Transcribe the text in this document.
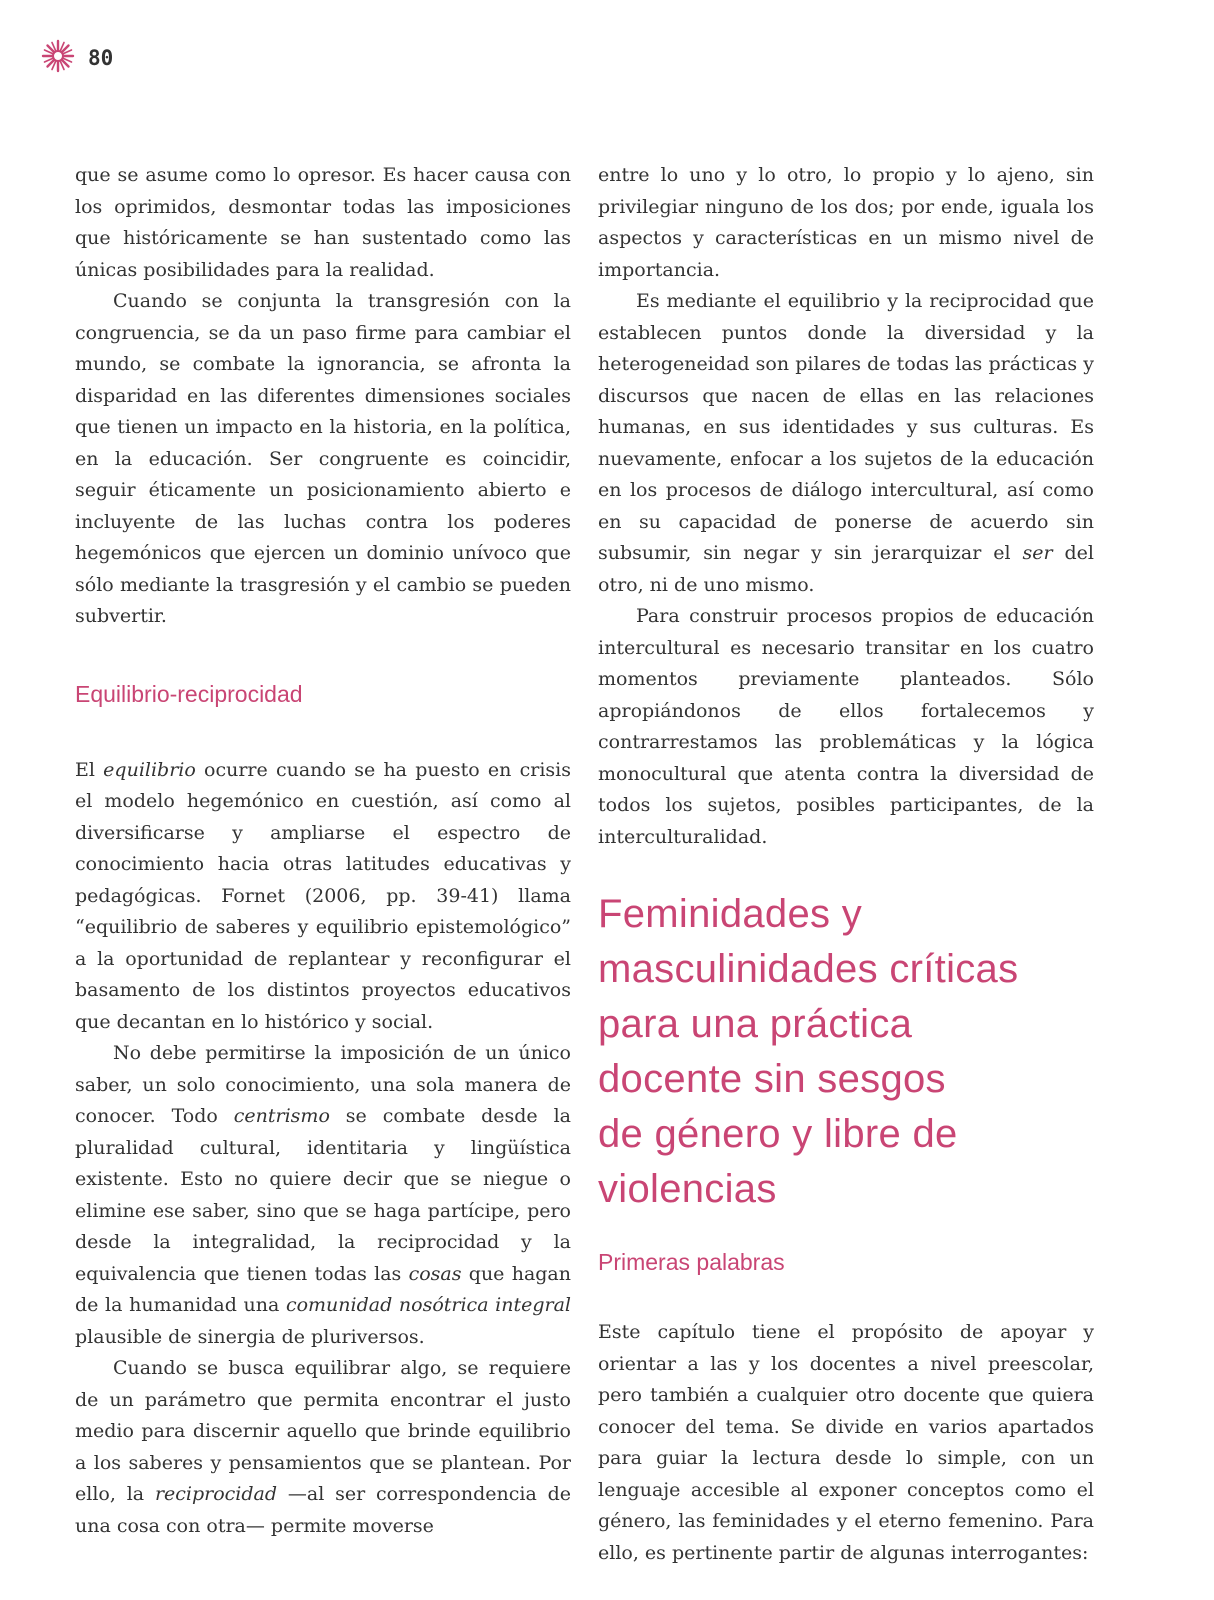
80

que se asume como lo opresor. Es hacer causa con los oprimidos, desmontar todas las imposiciones que históricamente se han sustentado como las únicas posibilidades para la realidad.

Cuando se conjunta la transgresión con la congruencia, se da un paso firme para cambiar el mundo, se combate la ignorancia, se afronta la disparidad en las diferentes dimensiones sociales que tienen un impacto en la historia, en la política, en la educación. Ser congruente es coincidir, seguir éticamente un posicionamiento abierto e incluyente de las luchas contra los poderes hegemónicos que ejercen un dominio unívoco que sólo mediante la trasgresión y el cambio se pueden subvertir.

Equilibrio-reciprocidad

El equilibrio ocurre cuando se ha puesto en crisis el modelo hegemónico en cuestión, así como al diversificarse y ampliarse el espectro de conocimiento hacia otras latitudes educativas y pedagógicas. Fornet (2006, pp. 39-41) llama “equilibrio de saberes y equilibrio epistemológico” a la oportunidad de replantear y reconfigurar el basamento de los distintos proyectos educativos que decantan en lo histórico y social.

No debe permitirse la imposición de un único saber, un solo conocimiento, una sola manera de conocer. Todo centrismo se combate desde la pluralidad cultural, identitaria y lingüística existente. Esto no quiere decir que se niegue o elimine ese saber, sino que se haga partícipe, pero desde la integralidad, la reciprocidad y la equivalencia que tienen todas las cosas que hagan de la humanidad una comunidad nosótrica integral plausible de sinergia de pluriversos.

Cuando se busca equilibrar algo, se requiere de un parámetro que permita encontrar el justo medio para discernir aquello que brinde equilibrio a los saberes y pensamientos que se plantean. Por ello, la reciprocidad —al ser correspondencia de una cosa con otra— permite moverse

entre lo uno y lo otro, lo propio y lo ajeno, sin privilegiar ninguno de los dos; por ende, iguala los aspectos y características en un mismo nivel de importancia.

Es mediante el equilibrio y la reciprocidad que establecen puntos donde la diversidad y la heterogeneidad son pilares de todas las prácticas y discursos que nacen de ellas en las relaciones humanas, en sus identidades y sus culturas. Es nuevamente, enfocar a los sujetos de la educación en los procesos de diálogo intercultural, así como en su capacidad de ponerse de acuerdo sin subsumir, sin negar y sin jerarquizar el ser del otro, ni de uno mismo.

Para construir procesos propios de educación intercultural es necesario transitar en los cuatro momentos previamente planteados. Sólo apropiándonos de ellos fortalecemos y contrarrestamos las problemáticas y la lógica monocultural que atenta contra la diversidad de todos los sujetos, posibles participantes, de la interculturalidad.

Feminidades y
masculinidades críticas
para una práctica
docente sin sesgos
de género y libre de
violencias
Primeras palabras

Este capítulo tiene el propósito de apoyar y orientar a las y los docentes a nivel preescolar, pero también a cualquier otro docente que quiera conocer del tema. Se divide en varios apartados para guiar la lectura desde lo simple, con un lenguaje accesible al exponer conceptos como el género, las feminidades y el eterno femenino. Para ello, es pertinente partir de algunas interrogantes:
